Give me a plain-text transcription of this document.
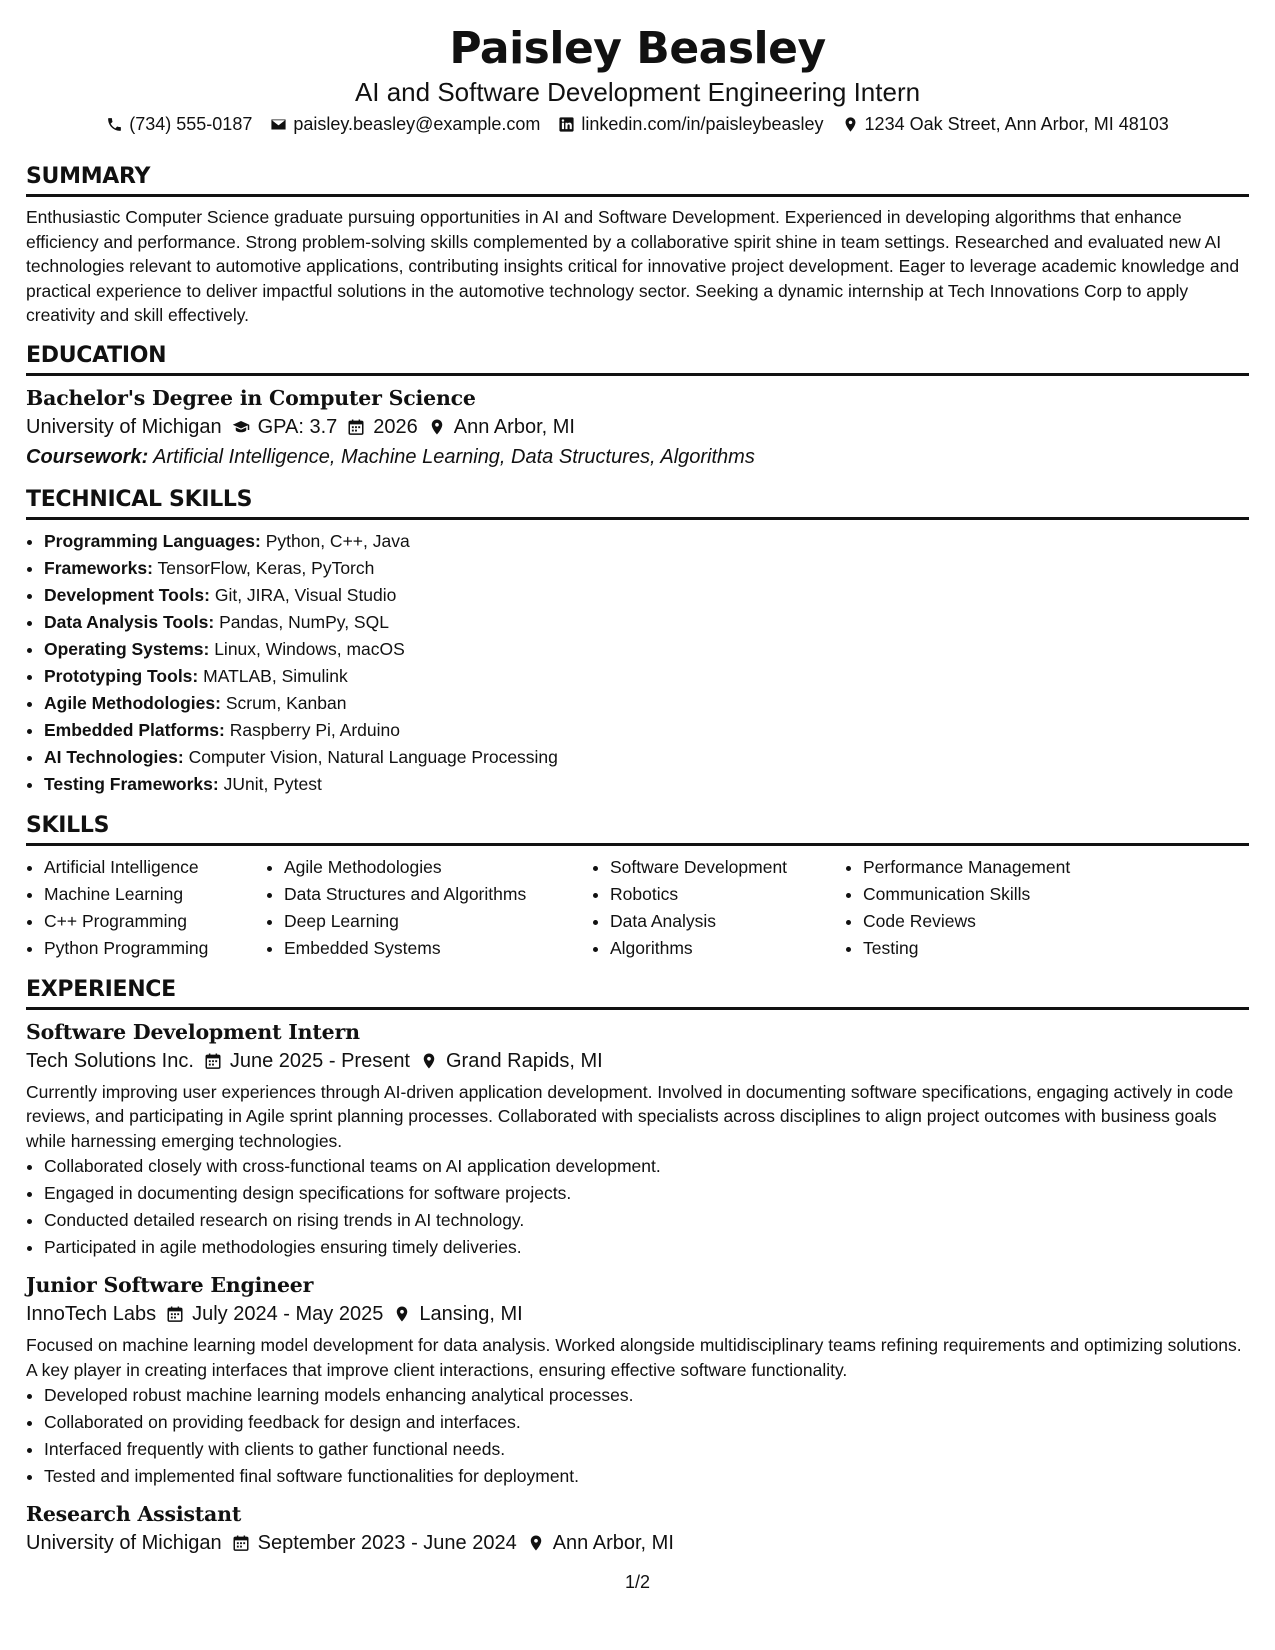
Paisley Beasley

AI and Software Development Engineering Intern

(734) 555-0187 paisley.beasley@example.com linkedin.com/in/paisleybeasley 1234 Oak Street, Ann Arbor, MI 48103
SUMMARY

Enthusiastic Computer Science graduate pursuing opportunities in AI and Software Development. Experienced in developing algorithms that enhance efficiency and performance. Strong problem-solving skills complemented by a collaborative spirit shine in team settings. Researched and evaluated new AI technologies relevant to automotive applications, contributing insights critical for innovative project development. Eager to leverage academic knowledge and practical experience to deliver impactful solutions in the automotive technology sector. Seeking a dynamic internship at Tech Innovations Corp to apply creativity and skill effectively.

EDUCATION

Bachelor's Degree in Computer Science

University of Michigan GPA: 3.7 2026 Ann Arbor, MI
Coursework: Artificial Intelligence, Machine Learning, Data Structures, Algorithms
TECHNICAL SKILLS
• Programming Languages: Python, C++, Java
• Frameworks: TensorFlow, Keras, PyTorch
• Development Tools: Git, JIRA, Visual Studio
• Data Analysis Tools: Pandas, NumPy, SQL
• Operating Systems: Linux, Windows, macOS
• Prototyping Tools: MATLAB, Simulink
• Agile Methodologies: Scrum, Kanban
• Embedded Platforms: Raspberry Pi, Arduino
• AI Technologies: Computer Vision, Natural Language Processing
• Testing Frameworks: JUnit, Pytest
SKILLS
• Artificial Intelligence
• Machine Learning
• C++ Programming
• Python Programming
• Agile Methodologies
• Data Structures and Algorithms
• Deep Learning
• Embedded Systems
• Software Development
• Robotics
• Data Analysis
• Algorithms
• Performance Management
• Communication Skills
• Code Reviews
• Testing
EXPERIENCE

Software Development Intern

Tech Solutions Inc. June 2025 - Present Grand Rapids, MI

Currently improving user experiences through AI-driven application development. Involved in documenting software specifications, engaging actively in code reviews, and participating in Agile sprint planning processes. Collaborated with specialists across disciplines to align project outcomes with business goals while harnessing emerging technologies.

• Collaborated closely with cross-functional teams on AI application development.
• Engaged in documenting design specifications for software projects.
• Conducted detailed research on rising trends in AI technology.
• Participated in agile methodologies ensuring timely deliveries.

Junior Software Engineer

InnoTech Labs July 2024 - May 2025 Lansing, MI

Focused on machine learning model development for data analysis. Worked alongside multidisciplinary teams refining requirements and optimizing solutions. A key player in creating interfaces that improve client interactions, ensuring effective software functionality.

• Developed robust machine learning models enhancing analytical processes.
• Collaborated on providing feedback for design and interfaces.
• Interfaced frequently with clients to gather functional needs.
• Tested and implemented final software functionalities for deployment.

Research Assistant

University of Michigan September 2023 - June 2024 Ann Arbor, MI
1/2
